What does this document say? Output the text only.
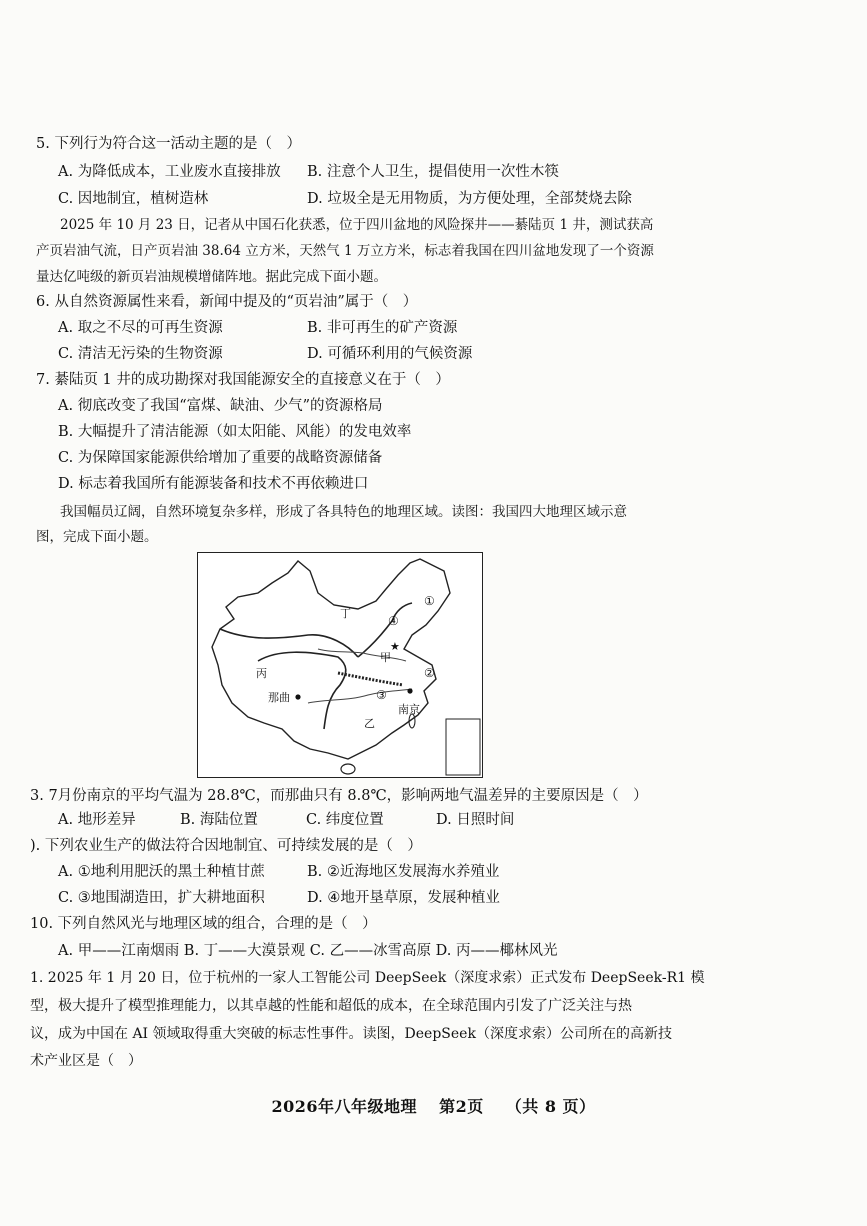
5. 下列行为符合这一活动主题的是（　）
A. 为降低成本，工业废水直接排放 B. 注意个人卫生，提倡使用一次性木筷
C. 因地制宜，植树造林	D. 垃圾全是无用物质，为方便处理，全部焚烧去除
2025 年 10 月 23 日，记者从中国石化获悉，位于四川盆地的风险探井——綦陆页 1 井，测试获高
产页岩油气流，日产页岩油 38.64 立方米，天然气 1 万立方米，标志着我国在四川盆地发现了一个资源
量达亿吨级的新页岩油规模增储阵地。据此完成下面小题。
6. 从自然资源属性来看，新闻中提及的“页岩油”属于（　）
A. 取之不尽的可再生资源	B. 非可再生的矿产资源
C. 清洁无污染的生物资源	D. 可循环利用的气候资源
7. 綦陆页 1 井的成功勘探对我国能源安全的直接意义在于（　）
A. 彻底改变了我国“富煤、缺油、少气”的资源格局
B. 大幅提升了清洁能源（如太阳能、风能）的发电效率
C. 为保障国家能源供给增加了重要的战略资源储备
D. 标志着我国所有能源装备和技术不再依赖进口
我国幅员辽阔，自然环境复杂多样，形成了各具特色的地理区域。读图：我国四大地理区域示意
图，完成下面小题。
★
①
②
③
④
甲
乙
丙
丁
那曲
南京
3. 7月份南京的平均气温为 28.8℃，而那曲只有 8.8℃，影响两地气温差异的主要原因是（　）
A. 地形差异	B. 海陆位置	C. 纬度位置	D. 日照时间
). 下列农业生产的做法符合因地制宜、可持续发展的是（　）
A. ①地利用肥沃的黑土种植甘蔗	B. ②近海地区发展海水养殖业
C. ③地围湖造田，扩大耕地面积	D. ④地开垦草原，发展种植业
10. 下列自然风光与地理区域的组合，合理的是（　）
A. 甲——江南烟雨 B. 丁——大漠景观 C. 乙——冰雪高原 D. 丙——椰林风光
1. 2025 年 1 月 20 日，位于杭州的一家人工智能公司 DeepSeek（深度求索）正式发布 DeepSeek-R1 模
型，极大提升了模型推理能力，以其卓越的性能和超低的成本，在全球范围内引发了广泛关注与热
议，成为中国在 AI 领域取得重大突破的标志性事件。读图，DeepSeek（深度求索）公司所在的高新技
术产业区是（　）
2026年八年级地理 第2页 （共 8 页）
